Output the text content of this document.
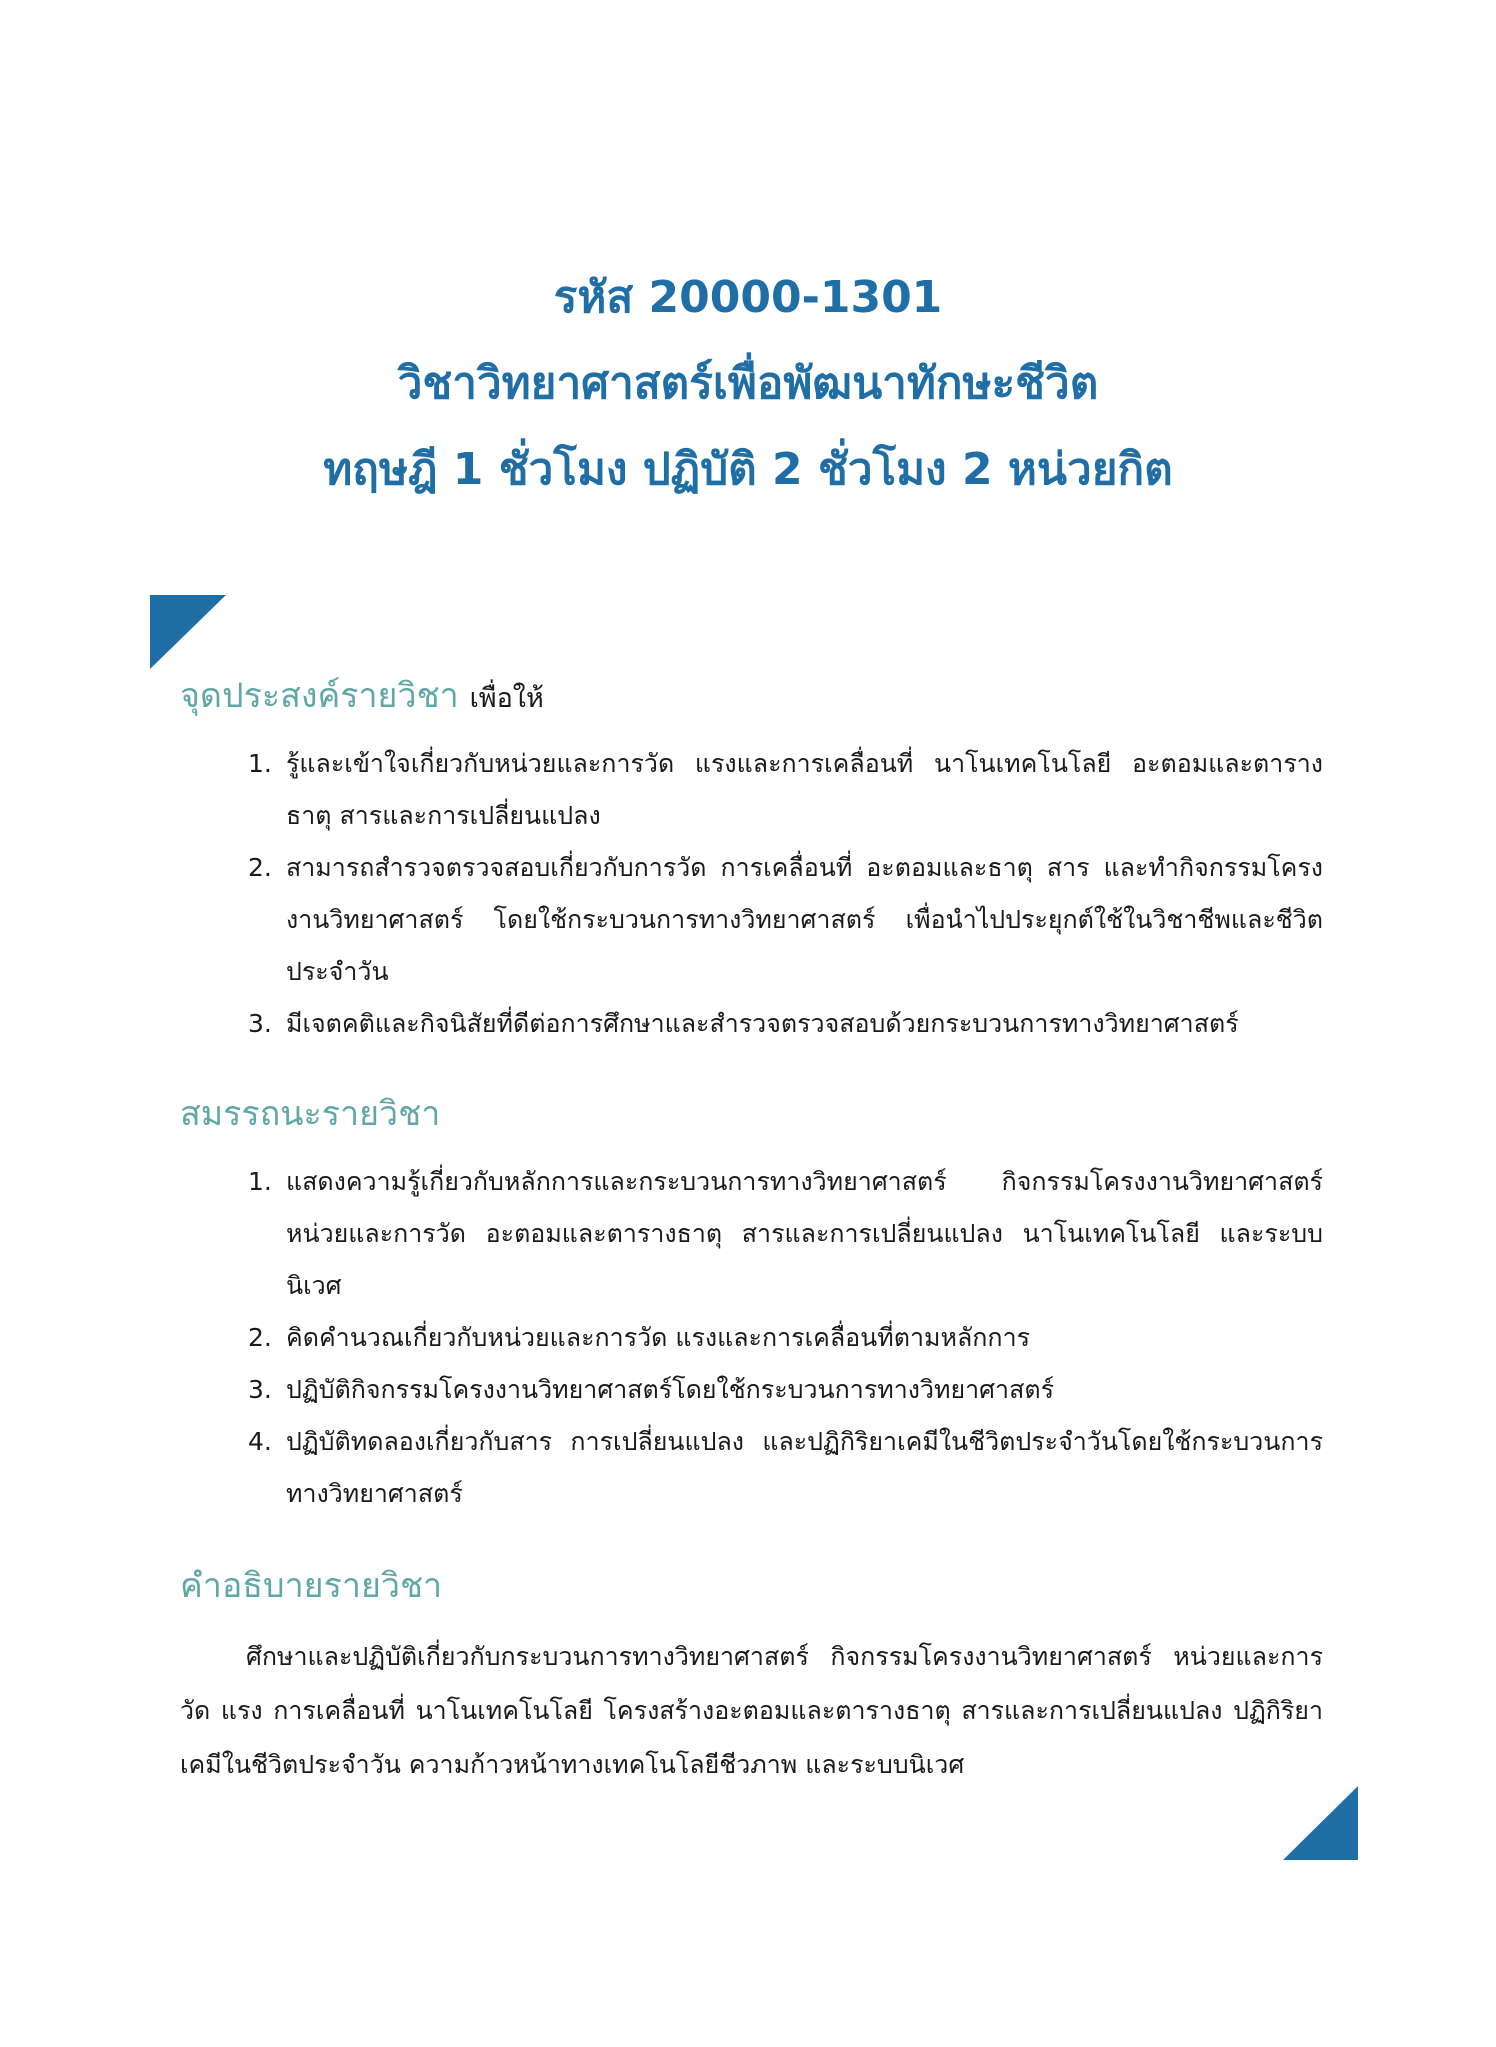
รหัส 20000-1301
วิชาวิทยาศาสตร์เพื่อพัฒนาทักษะชีวิต
ทฤษฎี 1 ชั่วโมง ปฏิบัติ 2 ชั่วโมง 2 หน่วยกิต
จุดประสงค์รายวิชา เพื่อให้
1. รู้และเข้าใจเกี่ยวกับหน่วยและการวัด แรงและการเคลื่อนที่ นาโนเทคโนโลยี อะตอมและตารางธาตุ สารและการเปลี่ยนแปลง
2. สามารถสำรวจตรวจสอบเกี่ยวกับการวัด การเคลื่อนที่ อะตอมและธาตุ สาร และทำกิจกรรมโครงงานวิทยาศาสตร์ โดยใช้กระบวนการทางวิทยาศาสตร์ เพื่อนำไปประยุกต์ใช้ในวิชาชีพและชีวิตประจำวัน
3. มีเจตคติและกิจนิสัยที่ดีต่อการศึกษาและสำรวจตรวจสอบด้วยกระบวนการทางวิทยาศาสตร์
สมรรถนะรายวิชา
1. แสดงความรู้เกี่ยวกับหลักการและกระบวนการทางวิทยาศาสตร์ กิจกรรมโครงงานวิทยาศาสตร์ หน่วยและการวัด อะตอมและตารางธาตุ สารและการเปลี่ยนแปลง นาโนเทคโนโลยี และระบบนิเวศ
2. คิดคำนวณเกี่ยวกับหน่วยและการวัด แรงและการเคลื่อนที่ตามหลักการ
3. ปฏิบัติกิจกรรมโครงงานวิทยาศาสตร์โดยใช้กระบวนการทางวิทยาศาสตร์
4. ปฏิบัติทดลองเกี่ยวกับสาร การเปลี่ยนแปลง และปฏิกิริยาเคมีในชีวิตประจำวันโดยใช้กระบวนการทางวิทยาศาสตร์
คำอธิบายรายวิชา

ศึกษาและปฏิบัติเกี่ยวกับกระบวนการทางวิทยาศาสตร์ กิจกรรมโครงงานวิทยาศาสตร์ หน่วยและการวัด แรง การเคลื่อนที่ นาโนเทคโนโลยี โครงสร้างอะตอมและตารางธาตุ สารและการเปลี่ยนแปลง ปฏิกิริยาเคมีในชีวิตประจำวัน ความก้าวหน้าทางเทคโนโลยีชีวภาพ และระบบนิเวศ
